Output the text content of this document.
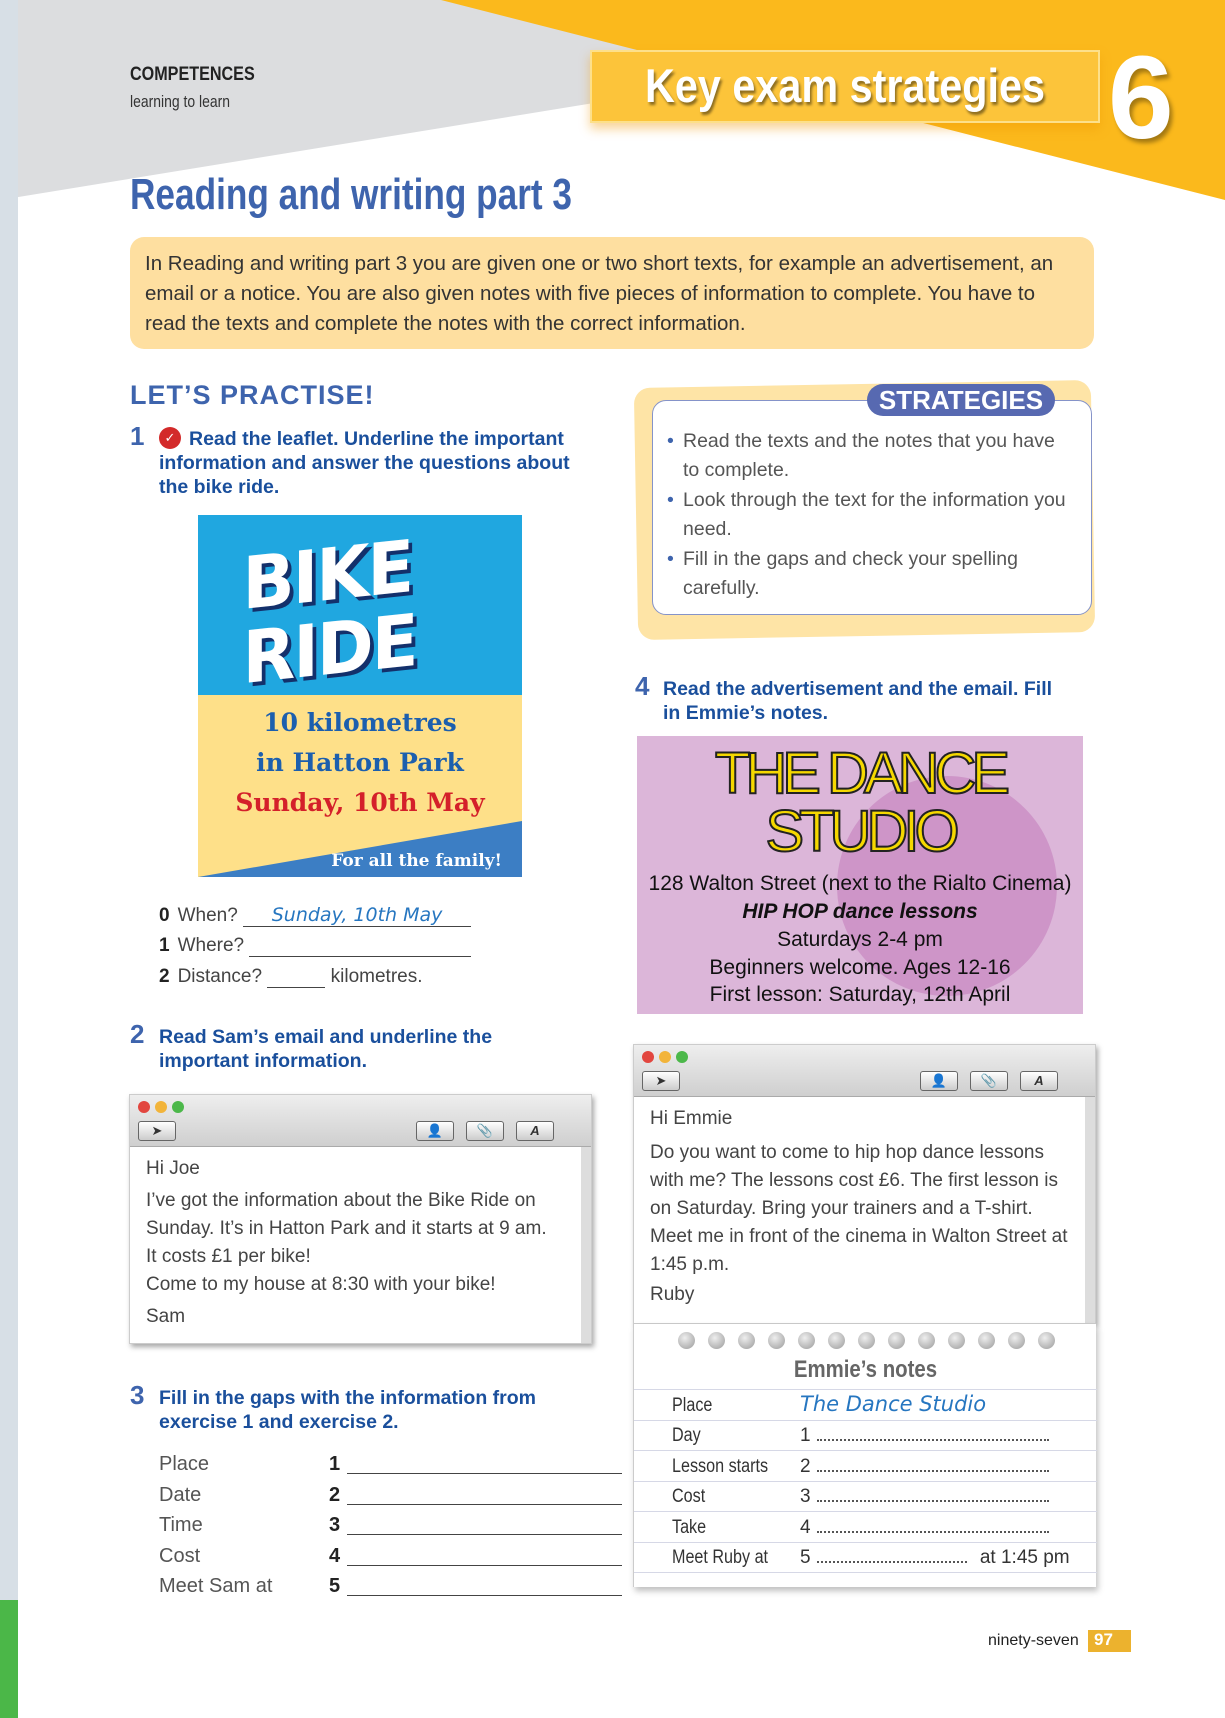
COMPETENCES
learning to learn	Key exam strategies 6
Reading and writing part 3
In Reading and writing part 3 you are given one or two short texts, for example an advertisement, an email or a notice. You are also given notes with five pieces of information to complete. You have to read the texts and complete the notes with the correct information.
LET’S PRACTISE!
1	✓ Read the leaflet. Underline the important information and answer the questions about the bike ride.
BIKE
RIDE
10 kilometres
in Hatton Park
Sunday, 10th May
For all the family!
0 When? Sunday, 10th May
1 Where?
2 Distance?	kilometres.
2 Read Sam’s email and underline the important information.
➤	👤	📎	A
Hi Joe
I’ve got the information about the Bike Ride on Sunday. It’s in Hatton Park and it starts at 9 am.
It costs £1 per bike!
Come to my house at 8:30 with your bike!
Sam
3 Fill in the gaps with the information from exercise 1 and exercise 2.
Place	1
Date	2
Time	3
Cost	4
Meet Sam at	5
• Read the texts and the notes that you have to complete.
• Look through the text for the information you need.
• Fill in the gaps and check your spelling carefully.
STRATEGIES
4 Read the advertisement and the email. Fill in Emmie’s notes.
THE DANCE
STUDIO
128 Walton Street (next to the Rialto Cinema)
HIP HOP dance lessons
Saturdays 2-4 pm
Beginners welcome. Ages 12-16
First lesson: Saturday, 12th April
➤	👤	📎	A
Hi Emmie
Do you want to come to hip hop dance lessons with me? The lessons cost £6. The first lesson is on Saturday. Bring your trainers and a T-shirt.
Meet me in front of the cinema in Walton Street at 1:45 p.m.
Ruby
Emmie’s notes
Place	The Dance Studio
Day	1
Lesson starts 2
Cost	3
Take	4
Meet Ruby at 5	at 1:45 pm
ninety-seven 97
